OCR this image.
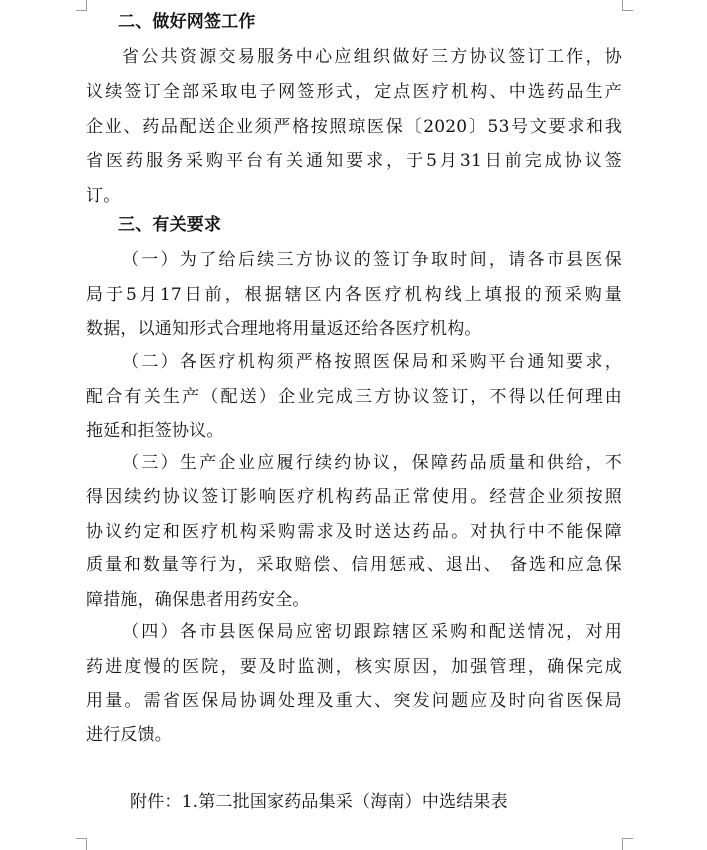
二、做好网签工作
省公共资源交易服务中心应组织做好三方协议签订工作，协
议续签订全部采取电子网签形式，定点医疗机构、中选药品生产
企业、药品配送企业须严格按照琼医保〔2020〕53号文要求和我
省医药服务采购平台有关通知要求，于5月31日前完成协议签
订。
三、有关要求
（一）为了给后续三方协议的签订争取时间，请各市县医保
局于5月17日前，根据辖区内各医疗机构线上填报的预采购量
数据，以通知形式合理地将用量返还给各医疗机构。
（二）各医疗机构须严格按照医保局和采购平台通知要求，
配合有关生产（配送）企业完成三方协议签订，不得以任何理由
拖延和拒签协议。
（三）生产企业应履行续约协议，保障药品质量和供给，不
得因续约协议签订影响医疗机构药品正常使用。经营企业须按照
协议约定和医疗机构采购需求及时送达药品。对执行中不能保障
质量和数量等行为，采取赔偿、信用惩戒、退出、 备选和应急保
障措施，确保患者用药安全。
（四）各市县医保局应密切跟踪辖区采购和配送情况，对用
药进度慢的医院，要及时监测，核实原因，加强管理，确保完成
用量。需省医保局协调处理及重大、突发问题应及时向省医保局
进行反馈。
附件：1.第二批国家药品集采（海南）中选结果表
